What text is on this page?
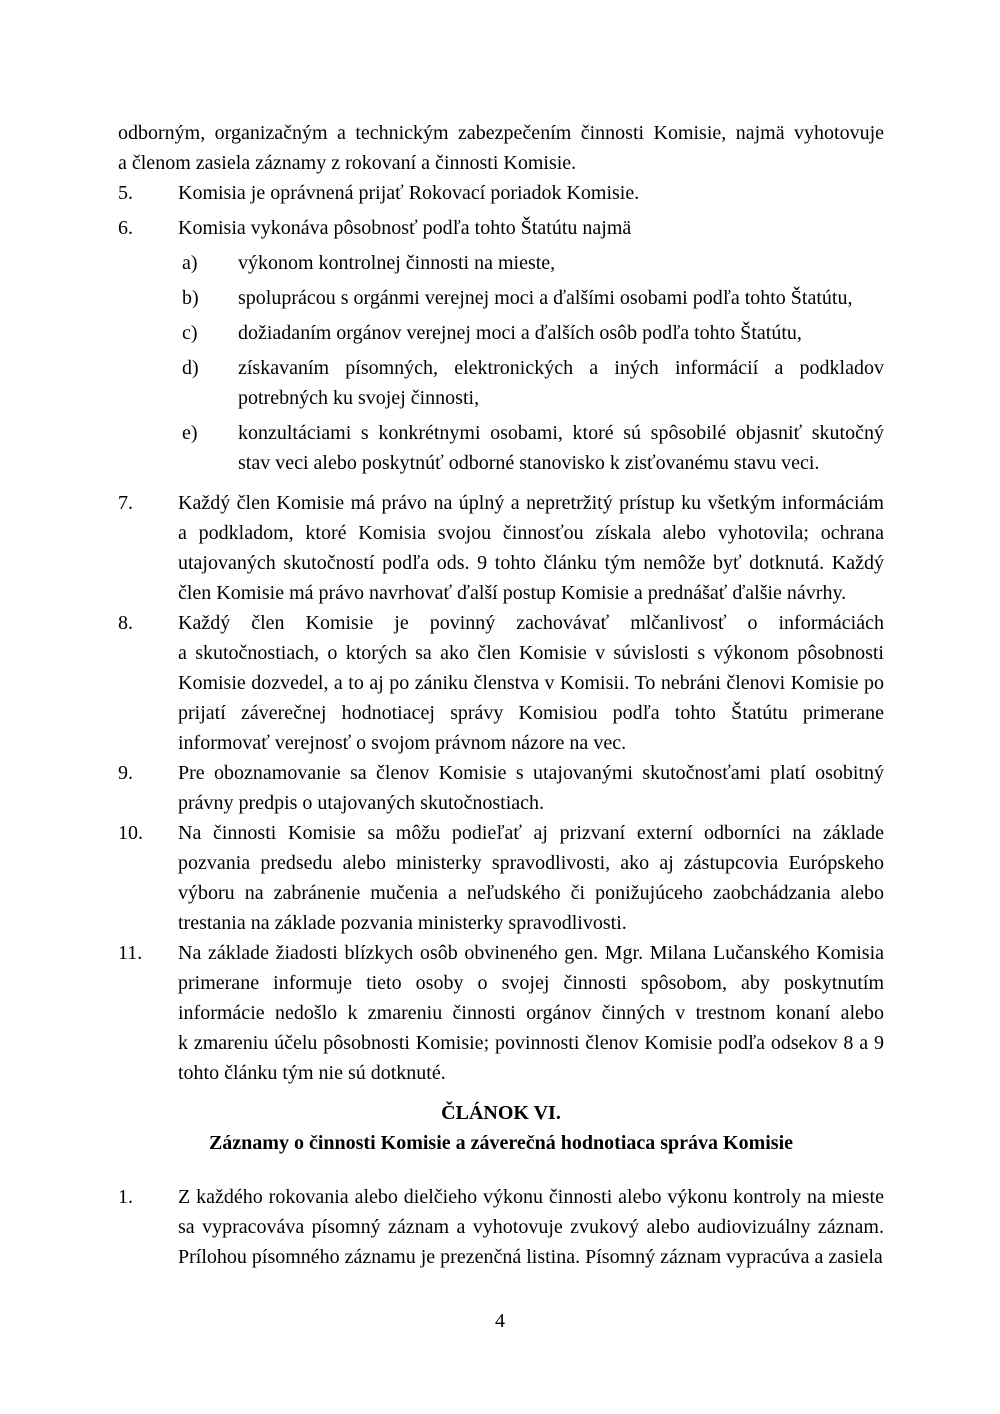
odborným, organizačným a technickým zabezpečením činnosti Komisie, najmä vyhotovuje a členom zasiela záznamy z rokovaní a činnosti Komisie.

5.	Komisia je oprávnená prijať Rokovací poriadok Komisie.
6.	Komisia vykonáva pôsobnosť podľa tohto Štatútu najmä

a)	výkonom kontrolnej činnosti na mieste,
b)	spoluprácou s orgánmi verejnej moci a ďalšími osobami podľa tohto Štatútu,
c)	dožiadaním orgánov verejnej moci a ďalších osôb podľa tohto Štatútu,
d)	získavaním písomných, elektronických a iných informácií a podkladov potrebných ku svojej činnosti,
e)	konzultáciami s konkrétnymi osobami, ktoré sú spôsobilé objasniť skutočný stav veci alebo poskytnúť odborné stanovisko k zisťovanému stavu veci.
7.	Každý člen Komisie má právo na úplný a nepretržitý prístup ku všetkým informáciám a podkladom, ktoré Komisia svojou činnosťou získala alebo vyhotovila; ochrana utajovaných skutočností podľa ods. 9 tohto článku tým nemôže byť dotknutá. Každý člen Komisie má právo navrhovať ďalší postup Komisie a prednášať ďalšie návrhy.
8.	Každý člen Komisie je povinný zachovávať mlčanlivosť o informáciách a skutočnostiach, o ktorých sa ako člen Komisie v súvislosti s výkonom pôsobnosti Komisie dozvedel, a to aj po zániku členstva v Komisii. To nebráni členovi Komisie po prijatí záverečnej hodnotiacej správy Komisiou podľa tohto Štatútu primerane informovať verejnosť o svojom právnom názore na vec.
9.	Pre oboznamovanie sa členov Komisie s utajovanými skutočnosťami platí osobitný právny predpis o utajovaných skutočnostiach.
10.	Na činnosti Komisie sa môžu podieľať aj prizvaní externí odborníci na základe pozvania predsedu alebo ministerky spravodlivosti, ako aj zástupcovia Európskeho výboru na zabránenie mučenia a neľudského či ponižujúceho zaobchádzania alebo trestania na základe pozvania ministerky spravodlivosti.
11.	Na základe žiadosti blízkych osôb obvineného gen. Mgr. Milana Lučanského Komisia primerane informuje tieto osoby o svojej činnosti spôsobom, aby poskytnutím informácie nedošlo k zmareniu činnosti orgánov činných v trestnom konaní alebo k zmareniu účelu pôsobnosti Komisie; povinnosti členov Komisie podľa odsekov 8 a 9 tohto článku tým nie sú dotknuté.

ČLÁNOK VI.

Záznamy o činnosti Komisie a záverečná hodnotiaca správa Komisie

1.	Z každého rokovania alebo dielčieho výkonu činnosti alebo výkonu kontroly na mieste sa vypracováva písomný záznam a vyhotovuje zvukový alebo audiovizuálny záznam. Prílohou písomného záznamu je prezenčná listina. Písomný záznam vypracúva a zasiela
4
